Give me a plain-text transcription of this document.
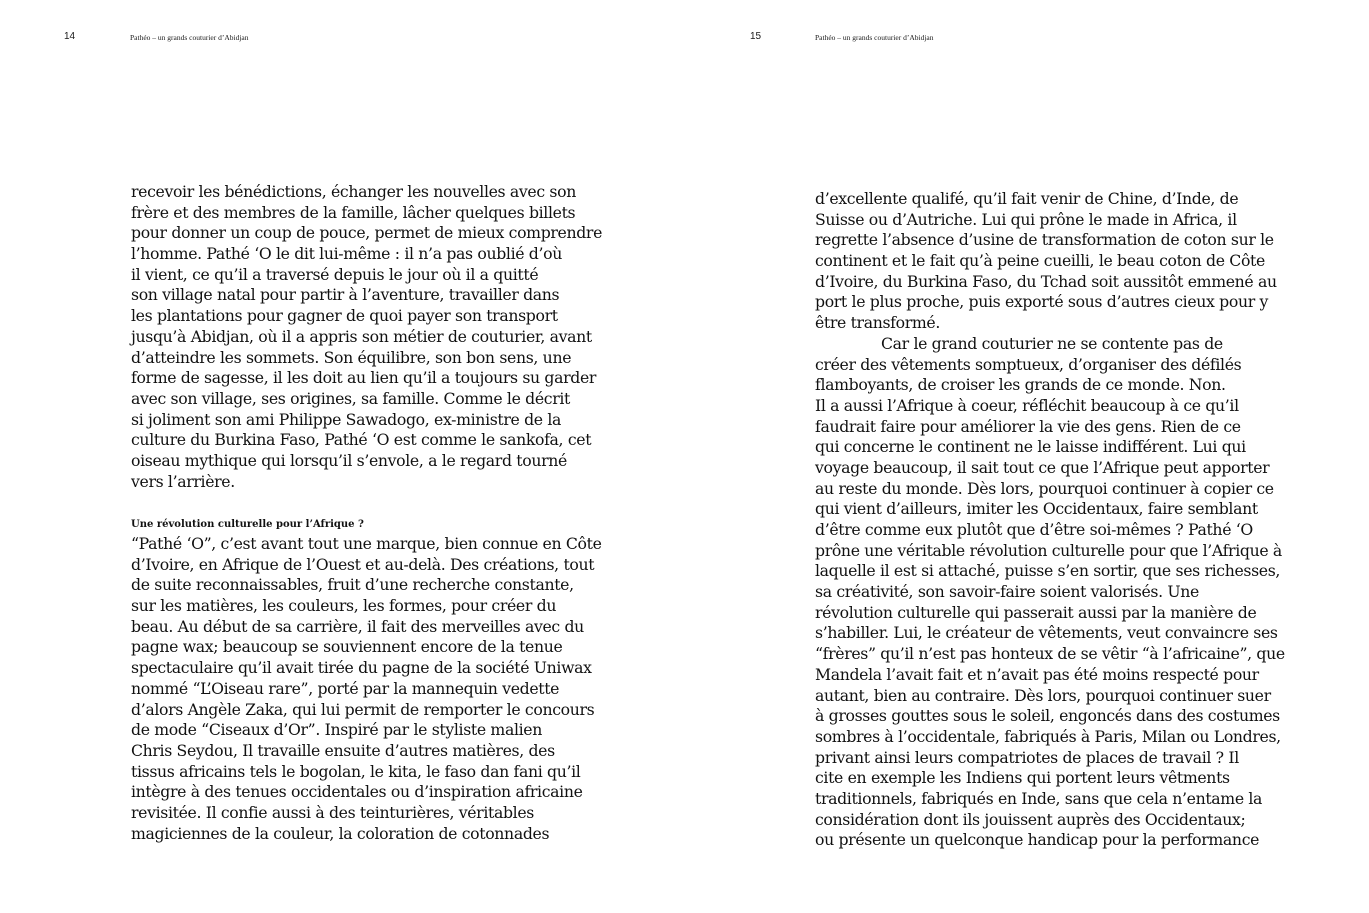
14	Pathéo – un grands couturier d’Abidjan
recevoir les bénédictions, échanger les nouvelles avec son
frère et des membres de la famille, lâcher quelques billets
pour donner un coup de pouce, permet de mieux comprendre
l’homme. Pathé ‘O le dit lui-même : il n’a pas oublié d’où
il vient, ce qu’il a traversé depuis le jour où il a quitté
son village natal pour partir à l’aventure, travailler dans
les plantations pour gagner de quoi payer son transport
jusqu’à Abidjan, où il a appris son métier de couturier, avant
d’atteindre les sommets. Son équilibre, son bon sens, une
forme de sagesse, il les doit au lien qu’il a toujours su garder
avec son village, ses origines, sa famille. Comme le décrit
si joliment son ami Philippe Sawadogo, ex-ministre de la
culture du Burkina Faso, Pathé ‘O est comme le sankofa, cet
oiseau mythique qui lorsqu’il s’envole, a le regard tourné
vers l’arrière.
Une révolution culturelle pour l’Afrique ?
“Pathé ‘O”, c’est avant tout une marque, bien connue en Côte
d’Ivoire, en Afrique de l’Ouest et au-delà. Des créations, tout
de suite reconnaissables, fruit d’une recherche constante,
sur les matières, les couleurs, les formes, pour créer du
beau. Au début de sa carrière, il fait des merveilles avec du
pagne wax; beaucoup se souviennent encore de la tenue
spectaculaire qu’il avait tirée du pagne de la société Uniwax
nommé “L’Oiseau rare”, porté par la mannequin vedette
d’alors Angèle Zaka, qui lui permit de remporter le concours
de mode “Ciseaux d’Or”. Inspiré par le styliste malien
Chris Seydou, Il travaille ensuite d’autres matières, des
tissus africains tels le bogolan, le kita, le faso dan fani qu’il
intègre à des tenues occidentales ou d’inspiration africaine
revisitée. Il confie aussi à des teinturières, véritables
magiciennes de la couleur, la coloration de cotonnades
15	Pathéo – un grands couturier d’Abidjan
d’excellente qualifé, qu’il fait venir de Chine, d’Inde, de
Suisse ou d’Autriche. Lui qui prône le made in Africa, il
regrette l’absence d’usine de transformation de coton sur le
continent et le fait qu’à peine cueilli, le beau coton de Côte
d’Ivoire, du Burkina Faso, du Tchad soit aussitôt emmené au
port le plus proche, puis exporté sous d’autres cieux pour y
être transformé.
Car le grand couturier ne se contente pas de
créer des vêtements somptueux, d’organiser des défilés
flamboyants, de croiser les grands de ce monde. Non.
Il a aussi l’Afrique à coeur, réfléchit beaucoup à ce qu’il
faudrait faire pour améliorer la vie des gens. Rien de ce
qui concerne le continent ne le laisse indifférent. Lui qui
voyage beaucoup, il sait tout ce que l’Afrique peut apporter
au reste du monde. Dès lors, pourquoi continuer à copier ce
qui vient d’ailleurs, imiter les Occidentaux, faire semblant
d’être comme eux plutôt que d’être soi-mêmes ? Pathé ‘O
prône une véritable révolution culturelle pour que l’Afrique à
laquelle il est si attaché, puisse s’en sortir, que ses richesses,
sa créativité, son savoir-faire soient valorisés. Une
révolution culturelle qui passerait aussi par la manière de
s’habiller. Lui, le créateur de vêtements, veut convaincre ses
“frères” qu’il n’est pas honteux de se vêtir “à l’africaine”, que
Mandela l’avait fait et n’avait pas été moins respecté pour
autant, bien au contraire. Dès lors, pourquoi continuer suer
à grosses gouttes sous le soleil, engoncés dans des costumes
sombres à l’occidentale, fabriqués à Paris, Milan ou Londres,
privant ainsi leurs compatriotes de places de travail ? Il
cite en exemple les Indiens qui portent leurs vêtments
traditionnels, fabriqués en Inde, sans que cela n’entame la
considération dont ils jouissent auprès des Occidentaux;
ou présente un quelconque handicap pour la performance
